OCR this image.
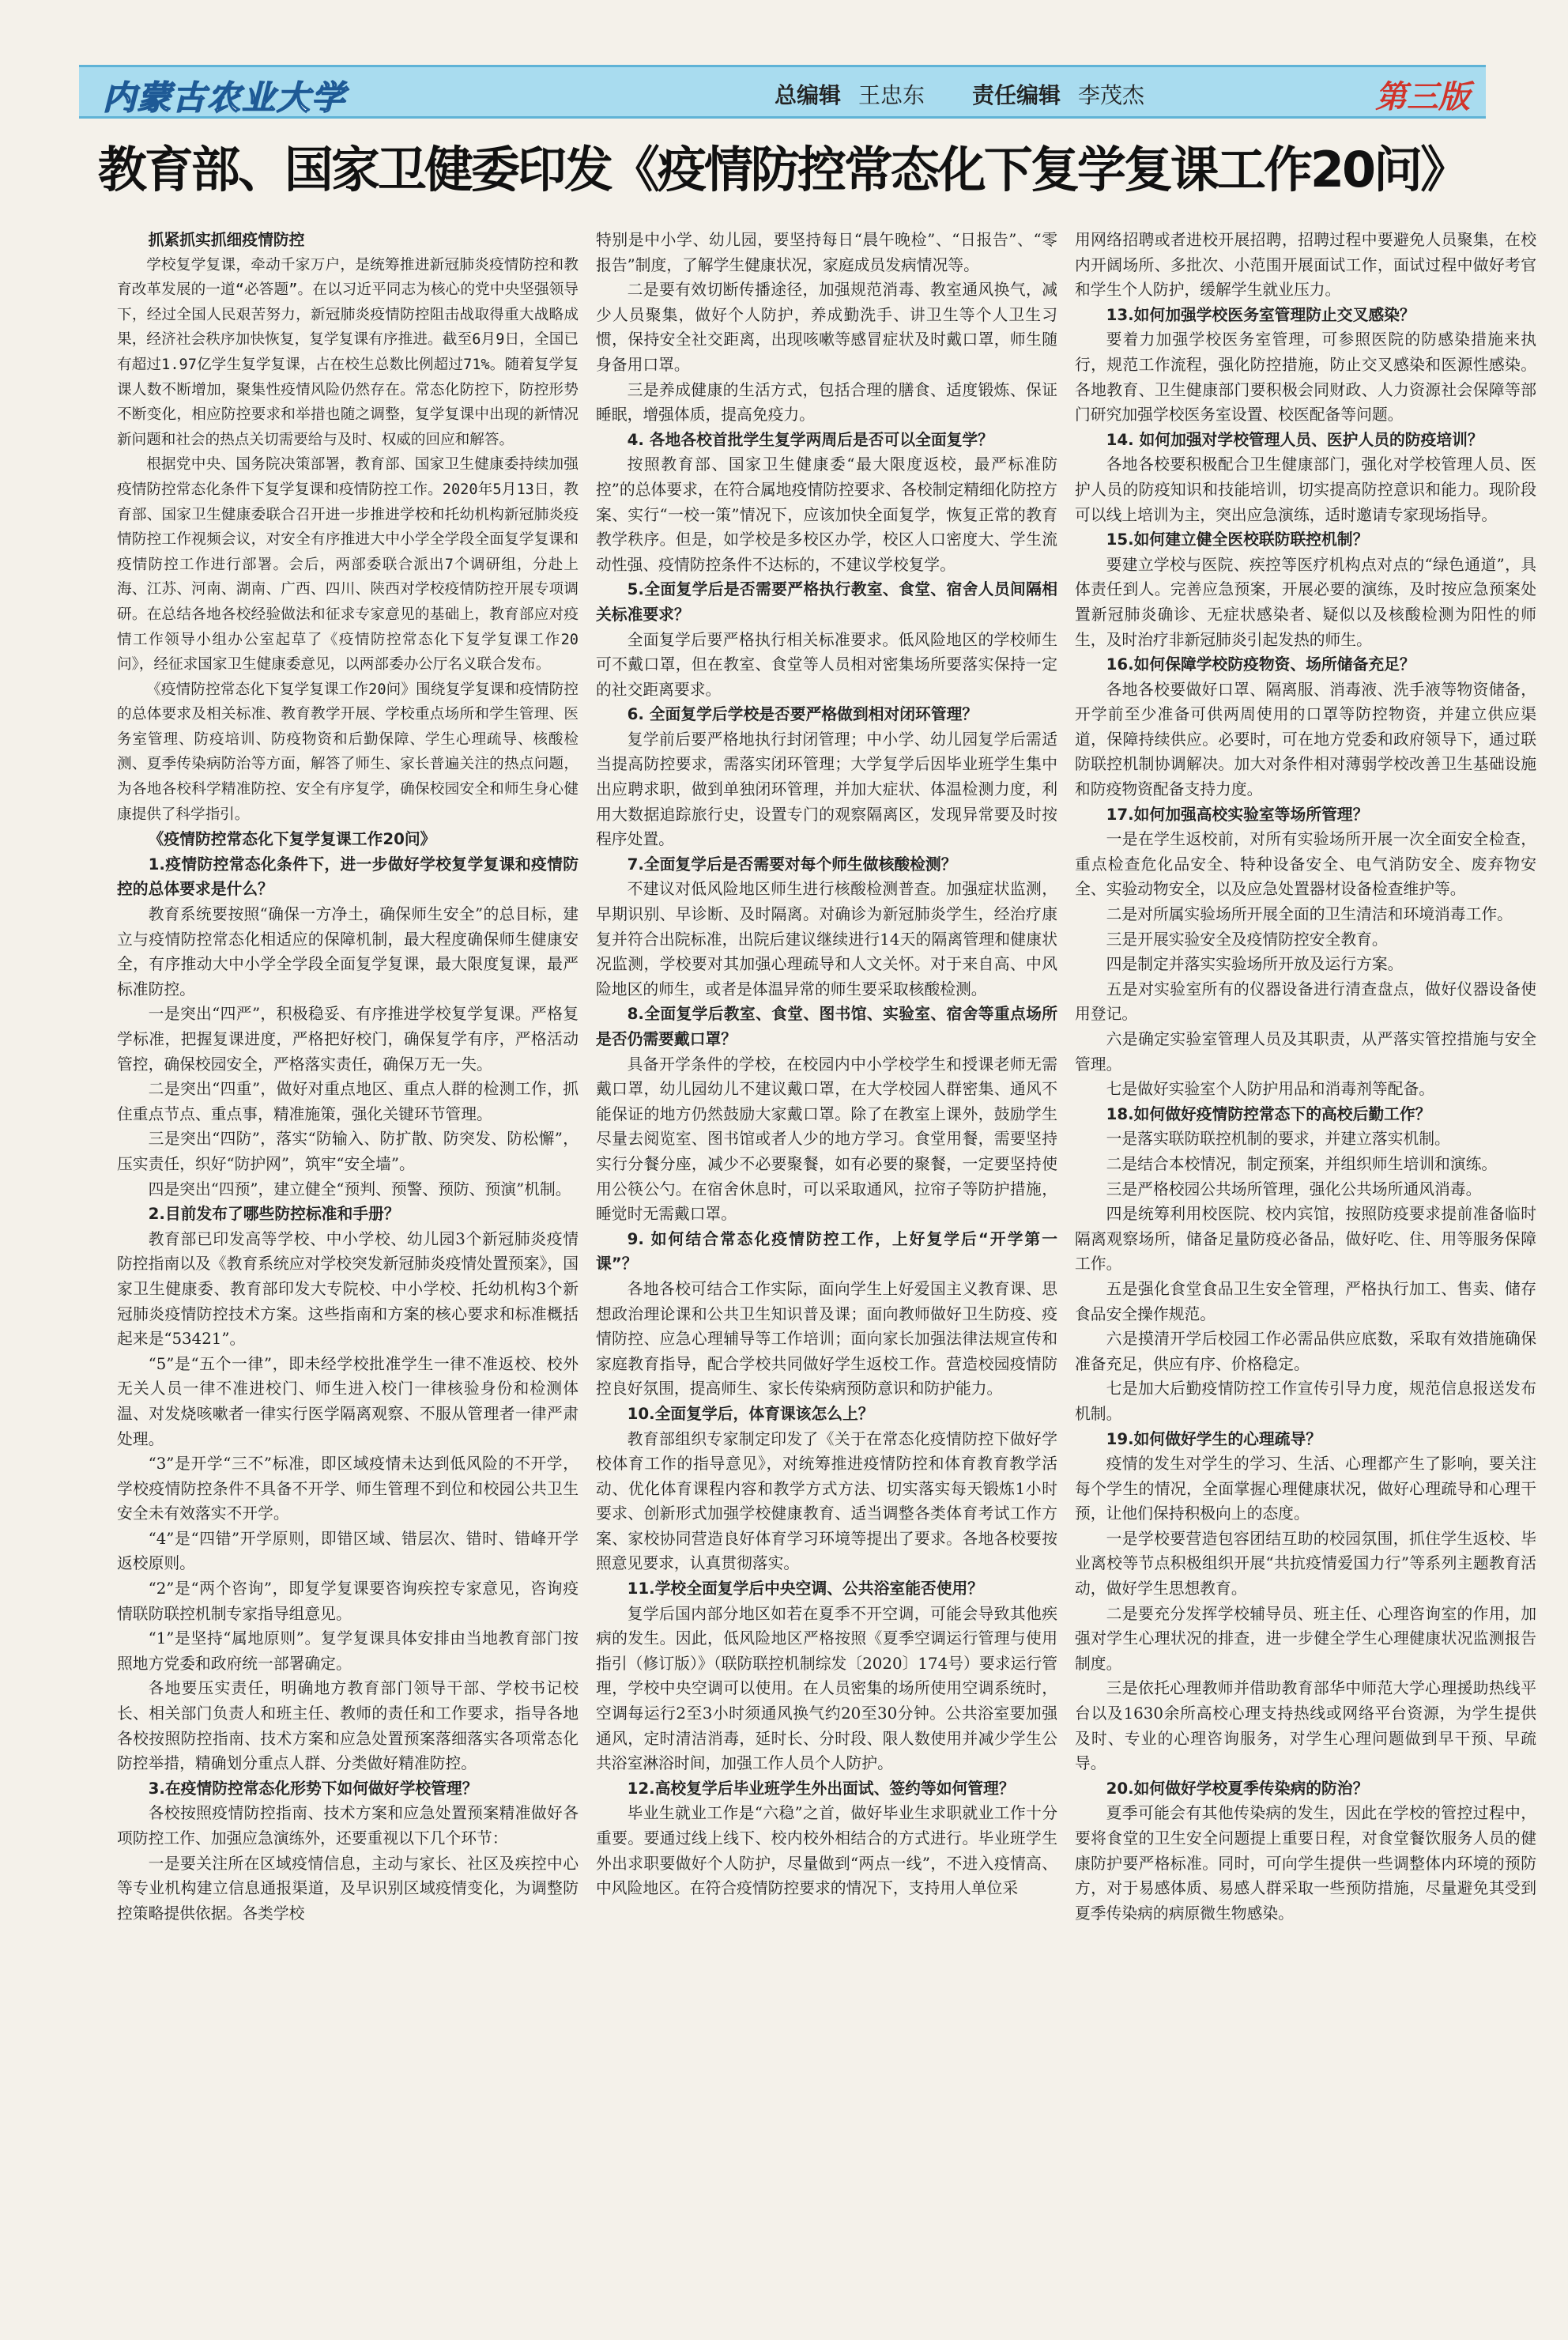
内蒙古农业大学	总编辑 王忠东 责任编辑 李茂杰	第三版
教育部、国家卫健委印发《疫情防控常态化下复学复课工作20问》
抓紧抓实抓细疫情防控

学校复学复课，牵动千家万户，是统筹推进新冠肺炎疫情防控和教育改革发展的一道“必答题”。在以习近平同志为核心的党中央坚强领导下，经过全国人民艰苦努力，新冠肺炎疫情防控阻击战取得重大战略成果，经济社会秩序加快恢复，复学复课有序推进。截至6月9日，全国已有超过1.97亿学生复学复课，占在校生总数比例超过71%。随着复学复课人数不断增加，聚集性疫情风险仍然存在。常态化防控下，防控形势不断变化，相应防控要求和举措也随之调整，复学复课中出现的新情况新问题和社会的热点关切需要给与及时、权威的回应和解答。

根据党中央、国务院决策部署，教育部、国家卫生健康委持续加强疫情防控常态化条件下复学复课和疫情防控工作。2020年5月13日，教育部、国家卫生健康委联合召开进一步推进学校和托幼机构新冠肺炎疫情防控工作视频会议，对安全有序推进大中小学全学段全面复学复课和疫情防控工作进行部署。会后，两部委联合派出7个调研组，分赴上海、江苏、河南、湖南、广西、四川、陕西对学校疫情防控开展专项调研。在总结各地各校经验做法和征求专家意见的基础上，教育部应对疫情工作领导小组办公室起草了《疫情防控常态化下复学复课工作20问》，经征求国家卫生健康委意见，以两部委办公厅名义联合发布。

《疫情防控常态化下复学复课工作20问》围绕复学复课和疫情防控的总体要求及相关标准、教育教学开展、学校重点场所和学生管理、医务室管理、防疫培训、防疫物资和后勤保障、学生心理疏导、核酸检测、夏季传染病防治等方面，解答了师生、家长普遍关注的热点问题，为各地各校科学精准防控、安全有序复学，确保校园安全和师生身心健康提供了科学指引。

《疫情防控常态化下复学复课工作20问》
1.疫情防控常态化条件下，进一步做好学校复学复课和疫情防控的总体要求是什么？

教育系统要按照“确保一方净土，确保师生安全”的总目标，建立与疫情防控常态化相适应的保障机制，最大程度确保师生健康安全，有序推动大中小学全学段全面复学复课，最大限度复课，最严标准防控。

一是突出“四严”，积极稳妥、有序推进学校复学复课。严格复学标准，把握复课进度，严格把好校门，确保复学有序，严格活动管控，确保校园安全，严格落实责任，确保万无一失。

二是突出“四重”，做好对重点地区、重点人群的检测工作，抓住重点节点、重点事，精准施策，强化关键环节管理。

三是突出“四防”，落实“防输入、防扩散、防突发、防松懈”，压实责任，织好“防护网”，筑牢“安全墙”。

四是突出“四预”，建立健全“预判、预警、预防、预演”机制。

2.目前发布了哪些防控标准和手册？

教育部已印发高等学校、中小学校、幼儿园3个新冠肺炎疫情防控指南以及《教育系统应对学校突发新冠肺炎疫情处置预案》，国家卫生健康委、教育部印发大专院校、中小学校、托幼机构3个新冠肺炎疫情防控技术方案。这些指南和方案的核心要求和标准概括起来是“53421”。

“5”是“五个一律”，即未经学校批准学生一律不准返校、校外无关人员一律不准进校门、师生进入校门一律核验身份和检测体温、对发烧咳嗽者一律实行医学隔离观察、不服从管理者一律严肃处理。

“3”是开学“三不”标准，即区域疫情未达到低风险的不开学，学校疫情防控条件不具备不开学、师生管理不到位和校园公共卫生安全未有效落实不开学。

“4”是“四错”开学原则，即错区域、错层次、错时、错峰开学返校原则。

“2”是“两个咨询”，即复学复课要咨询疾控专家意见，咨询疫情联防联控机制专家指导组意见。

“1”是坚持“属地原则”。复学复课具体安排由当地教育部门按照地方党委和政府统一部署确定。

各地要压实责任，明确地方教育部门领导干部、学校书记校长、相关部门负责人和班主任、教师的责任和工作要求，指导各地各校按照防控指南、技术方案和应急处置预案落细落实各项常态化防控举措，精确划分重点人群、分类做好精准防控。

3.在疫情防控常态化形势下如何做好学校管理？

各校按照疫情防控指南、技术方案和应急处置预案精准做好各项防控工作、加强应急演练外，还要重视以下几个环节：

一是要关注所在区域疫情信息，主动与家长、社区及疾控中心等专业机构建立信息通报渠道，及早识别区域疫情变化，为调整防控策略提供依据。各类学校

特别是中小学、幼儿园，要坚持每日“晨午晚检”、“日报告”、“零报告”制度，了解学生健康状况，家庭成员发病情况等。

二是要有效切断传播途径，加强规范消毒、教室通风换气，减少人员聚集，做好个人防护，养成勤洗手、讲卫生等个人卫生习惯，保持安全社交距离，出现咳嗽等感冒症状及时戴口罩，师生随身备用口罩。

三是养成健康的生活方式，包括合理的膳食、适度锻炼、保证睡眠，增强体质，提高免疫力。

4. 各地各校首批学生复学两周后是否可以全面复学？

按照教育部、国家卫生健康委“最大限度返校，最严标准防控”的总体要求，在符合属地疫情防控要求、各校制定精细化防控方案、实行“一校一策”情况下，应该加快全面复学，恢复正常的教育教学秩序。但是，如学校是多校区办学，校区人口密度大、学生流动性强、疫情防控条件不达标的，不建议学校复学。

5.全面复学后是否需要严格执行教室、食堂、宿舍人员间隔相关标准要求？

全面复学后要严格执行相关标准要求。低风险地区的学校师生可不戴口罩，但在教室、食堂等人员相对密集场所要落实保持一定的社交距离要求。

6. 全面复学后学校是否要严格做到相对闭环管理？

复学前后要严格地执行封闭管理；中小学、幼儿园复学后需适当提高防控要求，需落实闭环管理；大学复学后因毕业班学生集中出应聘求职，做到单独闭环管理，并加大症状、体温检测力度，利用大数据追踪旅行史，设置专门的观察隔离区，发现异常要及时按程序处置。

7.全面复学后是否需要对每个师生做核酸检测？

不建议对低风险地区师生进行核酸检测普查。加强症状监测，早期识别、早诊断、及时隔离。对确诊为新冠肺炎学生，经治疗康复并符合出院标准，出院后建议继续进行14天的隔离管理和健康状况监测，学校要对其加强心理疏导和人文关怀。对于来自高、中风险地区的师生，或者是体温异常的师生要采取核酸检测。

8.全面复学后教室、食堂、图书馆、实验室、宿舍等重点场所是否仍需要戴口罩？

具备开学条件的学校，在校园内中小学校学生和授课老师无需戴口罩，幼儿园幼儿不建议戴口罩，在大学校园人群密集、通风不能保证的地方仍然鼓励大家戴口罩。除了在教室上课外，鼓励学生尽量去阅览室、图书馆或者人少的地方学习。食堂用餐，需要坚持实行分餐分座，减少不必要聚餐，如有必要的聚餐，一定要坚持使用公筷公勺。在宿舍休息时，可以采取通风，拉帘子等防护措施，睡觉时无需戴口罩。

9. 如何结合常态化疫情防控工作，上好复学后“开学第一课”？

各地各校可结合工作实际，面向学生上好爱国主义教育课、思想政治理论课和公共卫生知识普及课；面向教师做好卫生防疫、疫情防控、应急心理辅导等工作培训；面向家长加强法律法规宣传和家庭教育指导，配合学校共同做好学生返校工作。营造校园疫情防控良好氛围，提高师生、家长传染病预防意识和防护能力。

10.全面复学后，体育课该怎么上？

教育部组织专家制定印发了《关于在常态化疫情防控下做好学校体育工作的指导意见》，对统筹推进疫情防控和体育教育教学活动、优化体育课程内容和教学方式方法、切实落实每天锻炼1小时要求、创新形式加强学校健康教育、适当调整各类体育考试工作方案、家校协同营造良好体育学习环境等提出了要求。各地各校要按照意见要求，认真贯彻落实。

11.学校全面复学后中央空调、公共浴室能否使用？

复学后国内部分地区如若在夏季不开空调，可能会导致其他疾病的发生。因此，低风险地区严格按照《夏季空调运行管理与使用指引（修订版）》（联防联控机制综发〔2020〕174号）要求运行管理，学校中央空调可以使用。在人员密集的场所使用空调系统时，空调每运行2至3小时须通风换气约20至30分钟。公共浴室要加强通风，定时清洁消毒，延时长、分时段、限人数使用并减少学生公共浴室淋浴时间，加强工作人员个人防护。

12.高校复学后毕业班学生外出面试、签约等如何管理？

毕业生就业工作是“六稳”之首，做好毕业生求职就业工作十分重要。要通过线上线下、校内校外相结合的方式进行。毕业班学生外出求职要做好个人防护，尽量做到“两点一线”，不进入疫情高、中风险地区。在符合疫情防控要求的情况下，支持用人单位采

用网络招聘或者进校开展招聘，招聘过程中要避免人员聚集，在校内开阔场所、多批次、小范围开展面试工作，面试过程中做好考官和学生个人防护，缓解学生就业压力。

13.如何加强学校医务室管理防止交叉感染？

要着力加强学校医务室管理，可参照医院的防感染措施来执行，规范工作流程，强化防控措施，防止交叉感染和医源性感染。各地教育、卫生健康部门要积极会同财政、人力资源社会保障等部门研究加强学校医务室设置、校医配备等问题。

14. 如何加强对学校管理人员、医护人员的防疫培训？

各地各校要积极配合卫生健康部门，强化对学校管理人员、医护人员的防疫知识和技能培训，切实提高防控意识和能力。现阶段可以线上培训为主，突出应急演练，适时邀请专家现场指导。

15.如何建立健全医校联防联控机制？

要建立学校与医院、疾控等医疗机构点对点的“绿色通道”，具体责任到人。完善应急预案，开展必要的演练，及时按应急预案处置新冠肺炎确诊、无症状感染者、疑似以及核酸检测为阳性的师生，及时治疗非新冠肺炎引起发热的师生。

16.如何保障学校防疫物资、场所储备充足？

各地各校要做好口罩、隔离服、消毒液、洗手液等物资储备，开学前至少准备可供两周使用的口罩等防控物资，并建立供应渠道，保障持续供应。必要时，可在地方党委和政府领导下，通过联防联控机制协调解决。加大对条件相对薄弱学校改善卫生基础设施和防疫物资配备支持力度。

17.如何加强高校实验室等场所管理？

一是在学生返校前，对所有实验场所开展一次全面安全检查，重点检查危化品安全、特种设备安全、电气消防安全、废弃物安全、实验动物安全，以及应急处置器材设备检查维护等。

二是对所属实验场所开展全面的卫生清洁和环境消毒工作。

三是开展实验安全及疫情防控安全教育。

四是制定并落实实验场所开放及运行方案。

五是对实验室所有的仪器设备进行清查盘点，做好仪器设备使用登记。

六是确定实验室管理人员及其职责，从严落实管控措施与安全管理。

七是做好实验室个人防护用品和消毒剂等配备。

18.如何做好疫情防控常态下的高校后勤工作？

一是落实联防联控机制的要求，并建立落实机制。

二是结合本校情况，制定预案，并组织师生培训和演练。

三是严格校园公共场所管理，强化公共场所通风消毒。

四是统筹利用校医院、校内宾馆，按照防疫要求提前准备临时隔离观察场所，储备足量防疫必备品，做好吃、住、用等服务保障工作。

五是强化食堂食品卫生安全管理，严格执行加工、售卖、储存食品安全操作规范。

六是摸清开学后校园工作必需品供应底数，采取有效措施确保准备充足，供应有序、价格稳定。

七是加大后勤疫情防控工作宣传引导力度，规范信息报送发布机制。

19.如何做好学生的心理疏导？

疫情的发生对学生的学习、生活、心理都产生了影响，要关注每个学生的情况，全面掌握心理健康状况，做好心理疏导和心理干预，让他们保持积极向上的态度。

一是学校要营造包容团结互助的校园氛围，抓住学生返校、毕业离校等节点积极组织开展“共抗疫情爱国力行”等系列主题教育活动，做好学生思想教育。

二是要充分发挥学校辅导员、班主任、心理咨询室的作用，加强对学生心理状况的排查，进一步健全学生心理健康状况监测报告制度。

三是依托心理教师并借助教育部华中师范大学心理援助热线平台以及1630余所高校心理支持热线或网络平台资源，为学生提供及时、专业的心理咨询服务，对学生心理问题做到早干预、早疏导。

20.如何做好学校夏季传染病的防治？

夏季可能会有其他传染病的发生，因此在学校的管控过程中，要将食堂的卫生安全问题提上重要日程，对食堂餐饮服务人员的健康防护要严格标准。同时，可向学生提供一些调整体内环境的预防方，对于易感体质、易感人群采取一些预防措施，尽量避免其受到夏季传染病的病原微生物感染。
